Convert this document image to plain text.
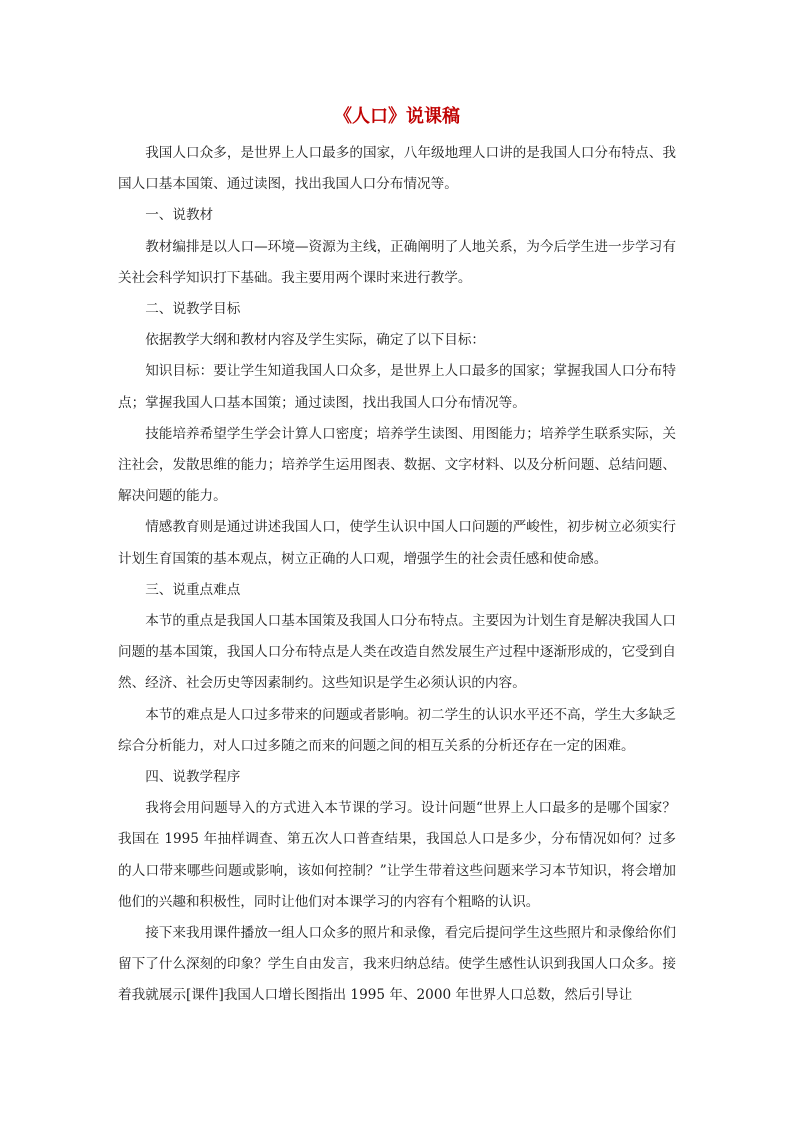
《人口》说课稿

我国人口众多，是世界上人口最多的国家，八年级地理人口讲的是我国人口分布特点、我国人口基本国策、通过读图，找出我国人口分布情况等。

一、说教材

教材编排是以人口—环境—资源为主线，正确阐明了人地关系，为今后学生进一步学习有关社会科学知识打下基础。我主要用两个课时来进行教学。

二、说教学目标

依据教学大纲和教材内容及学生实际，确定了以下目标：

知识目标：要让学生知道我国人口众多，是世界上人口最多的国家；掌握我国人口分布特点；掌握我国人口基本国策；通过读图，找出我国人口分布情况等。

技能培养希望学生学会计算人口密度；培养学生读图、用图能力；培养学生联系实际，关注社会，发散思维的能力；培养学生运用图表、数据、文字材料、以及分析问题、总结问题、解决问题的能力。

情感教育则是通过讲述我国人口，使学生认识中国人口问题的严峻性，初步树立必须实行计划生育国策的基本观点，树立正确的人口观，增强学生的社会责任感和使命感。

三、说重点难点

本节的重点是我国人口基本国策及我国人口分布特点。主要因为计划生育是解决我国人口问题的基本国策，我国人口分布特点是人类在改造自然发展生产过程中逐渐形成的，它受到自然、经济、社会历史等因素制约。这些知识是学生必须认识的内容。

本节的难点是人口过多带来的问题或者影响。初二学生的认识水平还不高，学生大多缺乏综合分析能力，对人口过多随之而来的问题之间的相互关系的分析还存在一定的困难。

四、说教学程序

我将会用问题导入的方式进入本节课的学习。设计问题“世界上人口最多的是哪个国家？我国在 1995 年抽样调查、第五次人口普查结果，我国总人口是多少，分布情况如何？过多的人口带来哪些问题或影响，该如何控制？”让学生带着这些问题来学习本节知识，将会增加他们的兴趣和积极性，同时让他们对本课学习的内容有个粗略的认识。

接下来我用课件播放一组人口众多的照片和录像，看完后提问学生这些照片和录像给你们留下了什么深刻的印象？学生自由发言，我来归纳总结。使学生感性认识到我国人口众多。接着我就展示[课件]我国人口增长图指出 1995 年、2000 年世界人口总数，然后引导让
